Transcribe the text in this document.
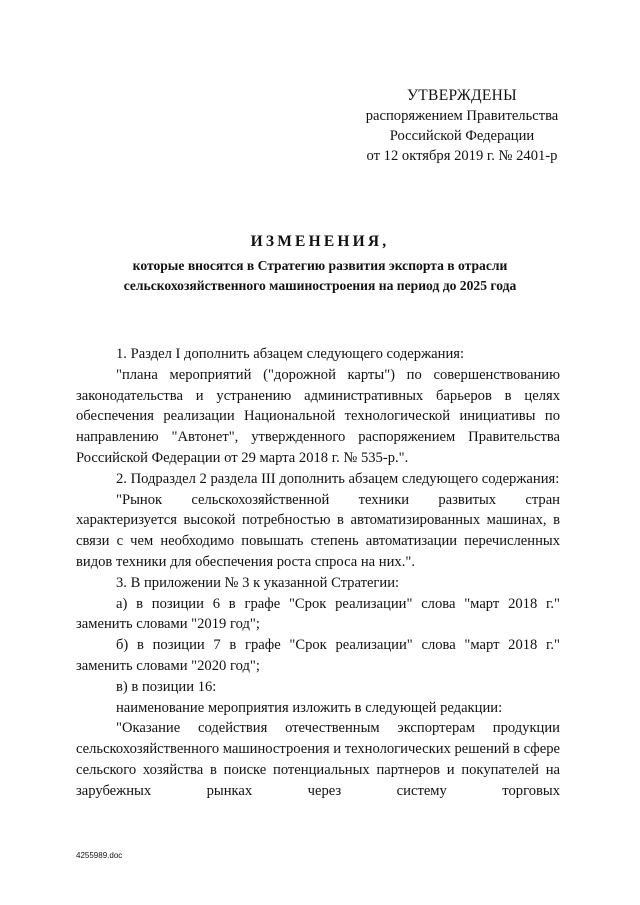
УТВЕРЖДЕНЫ
распоряжением Правительства
Российской Федерации
от 12 октября 2019 г. № 2401-р
ИЗМЕНЕНИЯ,
которые вносятся в Стратегию развития экспорта в отрасли
сельскохозяйственного машиностроения на период до 2025 года

1. Раздел I дополнить абзацем следующего содержания:

"плана мероприятий ("дорожной карты") по совершенствованию законодательства и устранению административных барьеров в целях обеспечения реализации Национальной технологической инициативы по направлению "Автонет", утвержденного распоряжением Правительства Российской Федерации от 29 марта 2018 г. № 535-р.".

2. Подраздел 2 раздела III дополнить абзацем следующего содержания:

"Рынок сельскохозяйственной техники развитых стран характеризуется высокой потребностью в автоматизированных машинах, в связи с чем необходимо повышать степень автоматизации перечисленных видов техники для обеспечения роста спроса на них.".

3. В приложении № 3 к указанной Стратегии:

а) в позиции 6 в графе "Срок реализации" слова "март 2018 г." заменить словами "2019 год";

б) в позиции 7 в графе "Срок реализации" слова "март 2018 г." заменить словами "2020 год";

в) в позиции 16:

наименование мероприятия изложить в следующей редакции:

"Оказание содействия отечественным экспортерам продукции сельскохозяйственного машиностроения и технологических решений в сфере сельского хозяйства в поиске потенциальных партнеров и покупателей на зарубежных рынках через систему торговых

4255989.doc
